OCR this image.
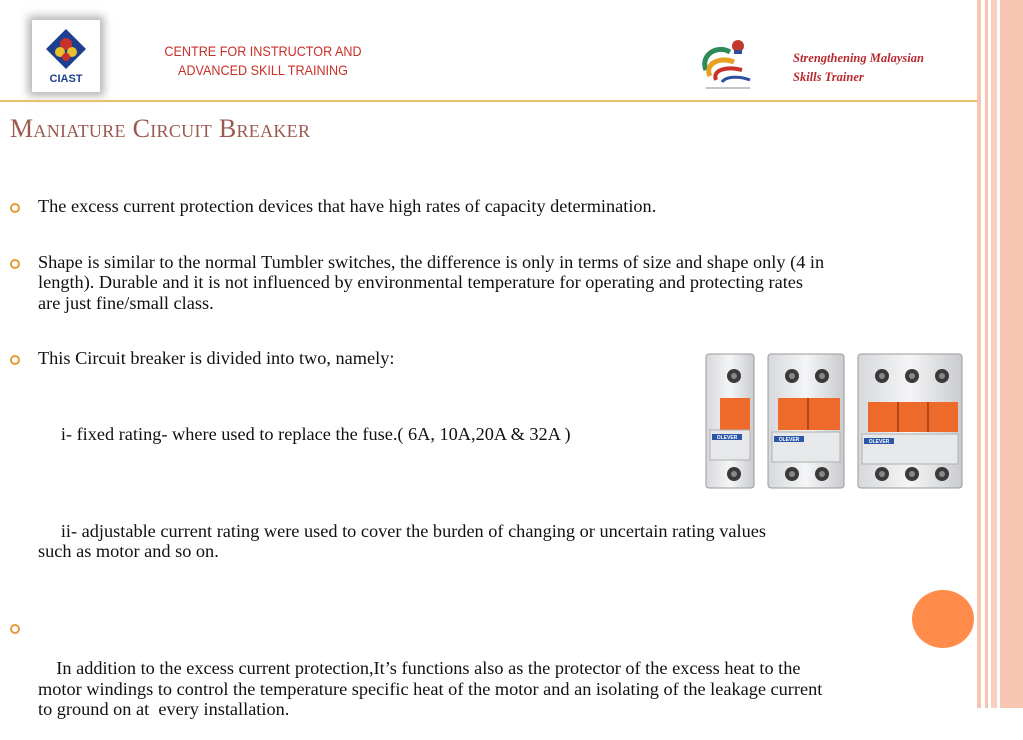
CIAST
CENTRE FOR INSTRUCTOR AND
ADVANCED SKILL TRAINING
Strengthening Malaysian
Skills Trainer
Maniature Circuit Breaker
The excess current protection devices that have high rates of capacity determination.
Shape is similar to the normal Tumbler switches, the difference is only in terms of size and shape only (4 in length). Durable and it is not influenced by environmental temperature for operating and protecting rates are just fine/small class.
This Circuit breaker is divided into two, namely:

i- fixed rating- where used to replace the fuse.( 6A, 10A,20A & 32A )

ii- adjustable current rating were used to cover the burden of changing or uncertain rating values such as motor and so on.

In addition to the excess current protection,It’s functions also as the protector of the excess heat to the motor windings to control the temperature specific heat of the motor and an isolating of the leakage current to ground on at  every installation.

OLEVER	OLEVER	OLEVER
